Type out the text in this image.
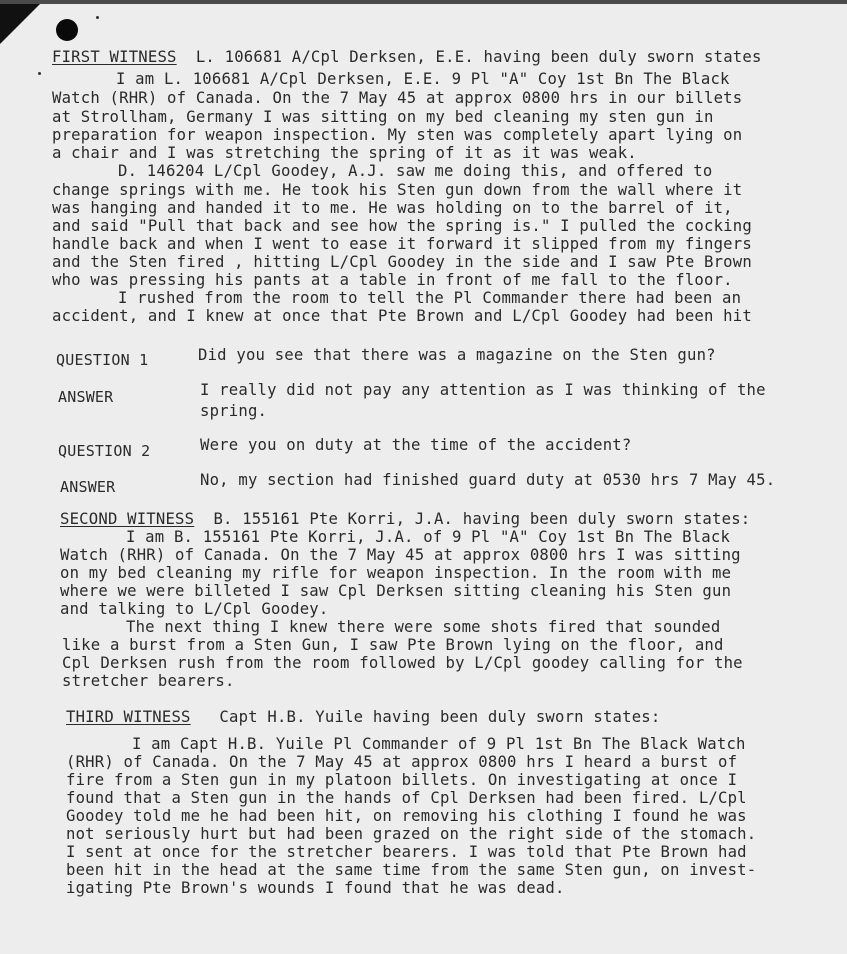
FIRST WITNESS L. 106681 A/Cpl Derksen, E.E. having been duly sworn states

I am L. 106681 A/Cpl Derksen, E.E. 9 Pl "A" Coy 1st Bn The Black

Watch (RHR) of Canada. On the 7 May 45 at approx 0800 hrs in our billets

at Strollham, Germany I was sitting on my bed cleaning my sten gun in

preparation for weapon inspection. My sten was completely apart lying on

a chair and I was stretching the spring of it as it was weak.

D. 146204 L/Cpl Goodey, A.J. saw me doing this, and offered to

change springs with me. He took his Sten gun down from the wall where it

was hanging and handed it to me. He was holding on to the barrel of it,

and said "Pull that back and see how the spring is." I pulled the cocking

handle back and when I went to ease it forward it slipped from my fingers

and the Sten fired , hitting L/Cpl Goodey in the side and I saw Pte Brown

who was pressing his pants at a table in front of me fall to the floor.

I rushed from the room to tell the Pl Commander there had been an

accident, and I knew at once that Pte Brown and L/Cpl Goodey had been hit

QUESTION 1

	Did you see that there was a magazine on the Sten gun?

ANSWER

	I really did not pay any attention as I was thinking of the

spring.

QUESTION 2

	Were you on duty at the time of the accident?

ANSWER

	No, my section had finished guard duty at 0530 hrs 7 May 45.

SECOND WITNESS B. 155161 Pte Korri, J.A. having been duly sworn states:

I am B. 155161 Pte Korri, J.A. of 9 Pl "A" Coy 1st Bn The Black

Watch (RHR) of Canada. On the 7 May 45 at approx 0800 hrs I was sitting

on my bed cleaning my rifle for weapon inspection. In the room with me

where we were billeted I saw Cpl Derksen sitting cleaning his Sten gun

and talking to L/Cpl Goodey.

The next thing I knew there were some shots fired that sounded

like a burst from a Sten Gun, I saw Pte Brown lying on the floor, and

Cpl Derksen rush from the room followed by L/Cpl goodey calling for the

stretcher bearers.

THIRD WITNESS Capt H.B. Yuile having been duly sworn states:

I am Capt H.B. Yuile Pl Commander of 9 Pl 1st Bn The Black Watch

(RHR) of Canada. On the 7 May 45 at approx 0800 hrs I heard a burst of

fire from a Sten gun in my platoon billets. On investigating at once I

found that a Sten gun in the hands of Cpl Derksen had been fired. L/Cpl

Goodey told me he had been hit, on removing his clothing I found he was

not seriously hurt but had been grazed on the right side of the stomach.

I sent at once for the stretcher bearers. I was told that Pte Brown had

been hit in the head at the same time from the same Sten gun, on invest-

igating Pte Brown's wounds I found that he was dead.
